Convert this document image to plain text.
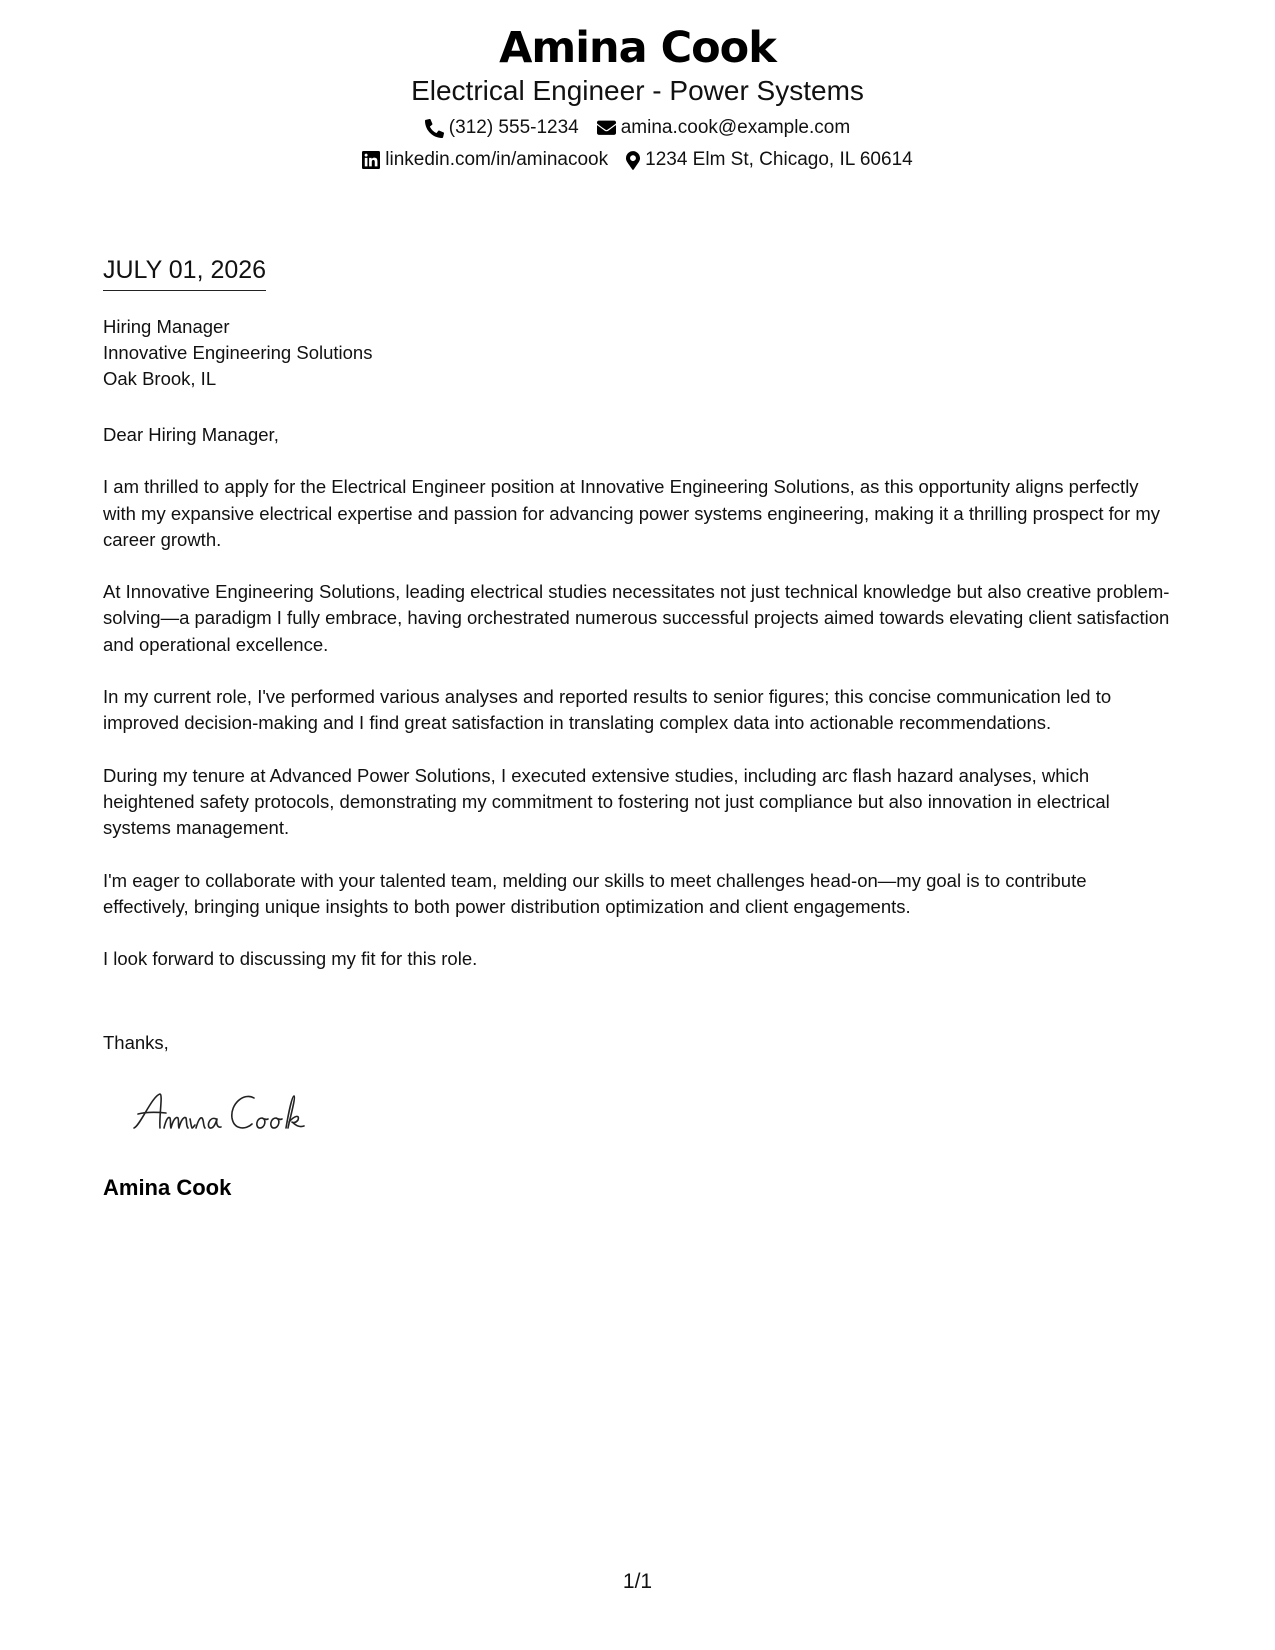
Amina Cook
Electrical Engineer - Power Systems
(312) 555-1234 amina.cook@example.com
linkedin.com/in/aminacook 1234 Elm St, Chicago, IL 60614
JULY 01, 2026
Hiring Manager
Innovative Engineering Solutions
Oak Brook, IL

Dear Hiring Manager,

I am thrilled to apply for the Electrical Engineer position at Innovative Engineering Solutions, as this opportunity aligns perfectly with my expansive electrical expertise and passion for advancing power systems engineering, making it a thrilling prospect for my career growth.

At Innovative Engineering Solutions, leading electrical studies necessitates not just technical knowledge but also creative problem-solving—a paradigm I fully embrace, having orchestrated numerous successful projects aimed towards elevating client satisfaction and operational excellence.

In my current role, I've performed various analyses and reported results to senior figures; this concise communication led to improved decision-making and I find great satisfaction in translating complex data into actionable recommendations.

During my tenure at Advanced Power Solutions, I executed extensive studies, including arc flash hazard analyses, which heightened safety protocols, demonstrating my commitment to fostering not just compliance but also innovation in electrical systems management.

I'm eager to collaborate with your talented team, melding our skills to meet challenges head-on—my goal is to contribute effectively, bringing unique insights to both power distribution optimization and client engagements.

I look forward to discussing my fit for this role.

Thanks,
Amina Cook
1/1
